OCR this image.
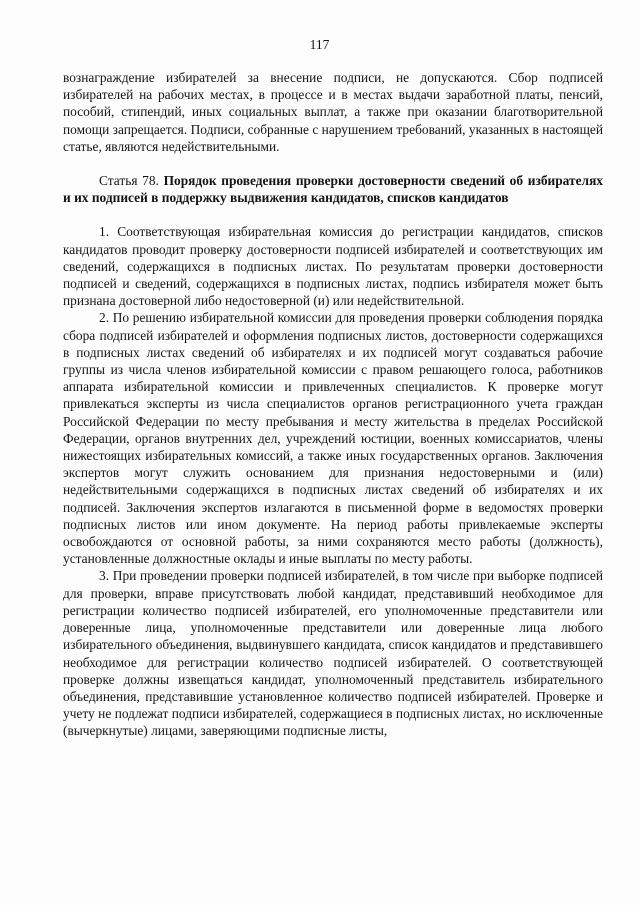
117

вознаграждение избирателей за внесение подписи, не допускаются. Сбор подписей избирателей на рабочих местах, в процессе и в местах выдачи заработной платы, пенсий, пособий, стипендий, иных социальных выплат, а также при оказании благотворительной помощи запрещается. Подписи, собранные с нарушением требований, указанных в настоящей статье, являются недействительными.

Статья 78. Порядок проведения проверки достоверности сведений об избирателях и их подписей в поддержку выдвижения кандидатов, списков кандидатов

1. Соответствующая избирательная комиссия до регистрации кандидатов, списков кандидатов проводит проверку достоверности подписей избирателей и соответствующих им сведений, содержащихся в подписных листах. По результатам проверки достоверности подписей и сведений, содержащихся в подписных листах, подпись избирателя может быть признана достоверной либо недостоверной (и) или недействительной.

2. По решению избирательной комиссии для проведения проверки соблюдения порядка сбора подписей избирателей и оформления подписных листов, достоверности содержащихся в подписных листах сведений об избирателях и их подписей могут создаваться рабочие группы из числа членов избирательной комиссии с правом решающего голоса, работников аппарата избирательной комиссии и привлеченных специалистов. К проверке могут привлекаться эксперты из числа специалистов органов регистрационного учета граждан Российской Федерации по месту пребывания и месту жительства в пределах Российской Федерации, органов внутренних дел, учреждений юстиции, военных комиссариатов, члены нижестоящих избирательных комиссий, а также иных государственных органов. Заключения экспертов могут служить основанием для признания недостоверными и (или) недействительными содержащихся в подписных листах сведений об избирателях и их подписей. Заключения экспертов излагаются в письменной форме в ведомостях проверки подписных листов или ином документе. На период работы привлекаемые эксперты освобождаются от основной работы, за ними сохраняются место работы (должность), установленные должностные оклады и иные выплаты по месту работы.

3. При проведении проверки подписей избирателей, в том числе при выборке подписей для проверки, вправе присутствовать любой кандидат, представивший необходимое для регистрации количество подписей избирателей, его уполномоченные представители или доверенные лица, уполномоченные представители или доверенные лица любого избирательного объединения, выдвинувшего кандидата, список кандидатов и представившего необходимое для регистрации количество подписей избирателей. О соответствующей проверке должны извещаться кандидат, уполномоченный представитель избирательного объединения, представившие установленное количество подписей избирателей. Проверке и учету не подлежат подписи избирателей, содержащиеся в подписных листах, но исключенные (вычеркнутые) лицами, заверяющими подписные листы,
